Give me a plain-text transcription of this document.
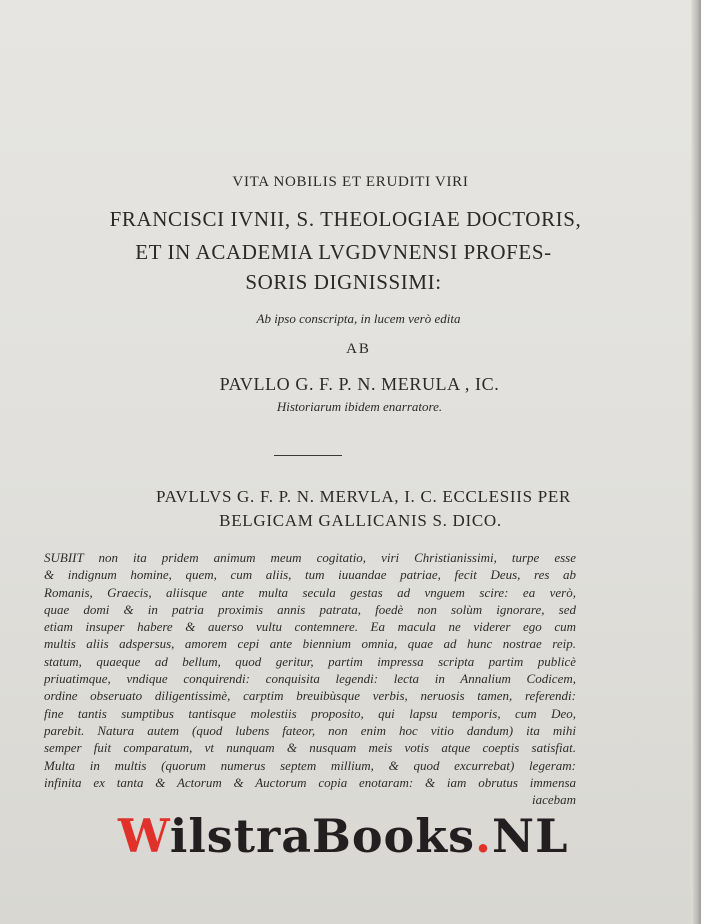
VITA NOBILIS ET ERUDITI VIRI
FRANCISCI IVNII, S. THEOLOGIAE DOCTORIS,
ET IN ACADEMIA LVGDVNENSI PROFES-
SORIS DIGNISSIMI:
Ab ipso conscripta, in lucem verò edita
AB
PAVLLO G. F. P. N. MERULA , IC.
Historiarum ibidem enarratore.
PAVLLVS G. F. P. N. MERVLA, I. C. ECCLESIIS PER
BELGICAM GALLICANIS S. DICO.
SUBIIT non ita pridem animum meum cogitatio, viri Christianissimi, turpe esse
& indignum homine, quem, cum aliis, tum iuuandae patriae, fecit Deus, res ab
Romanis, Graecis, aliisque ante multa secula gestas ad vnguem scire: ea verò,
quae domi & in patria proximis annis patrata, foedè non solùm ignorare, sed
etiam insuper habere & auerso vultu contemnere. Ea macula ne viderer ego cum
multis aliis adspersus, amorem cepi ante biennium omnia, quae ad hunc nostrae reip.
statum, quaeque ad bellum, quod geritur, partim impressa scripta partim publicè
priuatimque, vndique conquirendi: conquisita legendi: lecta in Annalium Codicem,
ordine obseruato diligentissimè, carptim breuibùsque verbis, neruosis tamen, referendi:
fine tantis sumptibus tantisque molestiis proposito, qui lapsu temporis, cum Deo,
parebit. Natura autem (quod lubens fateor, non enim hoc vitio dandum) ita mihi
semper fuit comparatum, vt nunquam & nusquam meis votis atque coeptis satisfiat.
Multa in multis (quorum numerus septem millium, & quod excurrebat) legeram:
infinita ex tanta & Actorum & Auctorum copia enotaram: & iam obrutus immensa
iacebam
WilstraBooks.NL
